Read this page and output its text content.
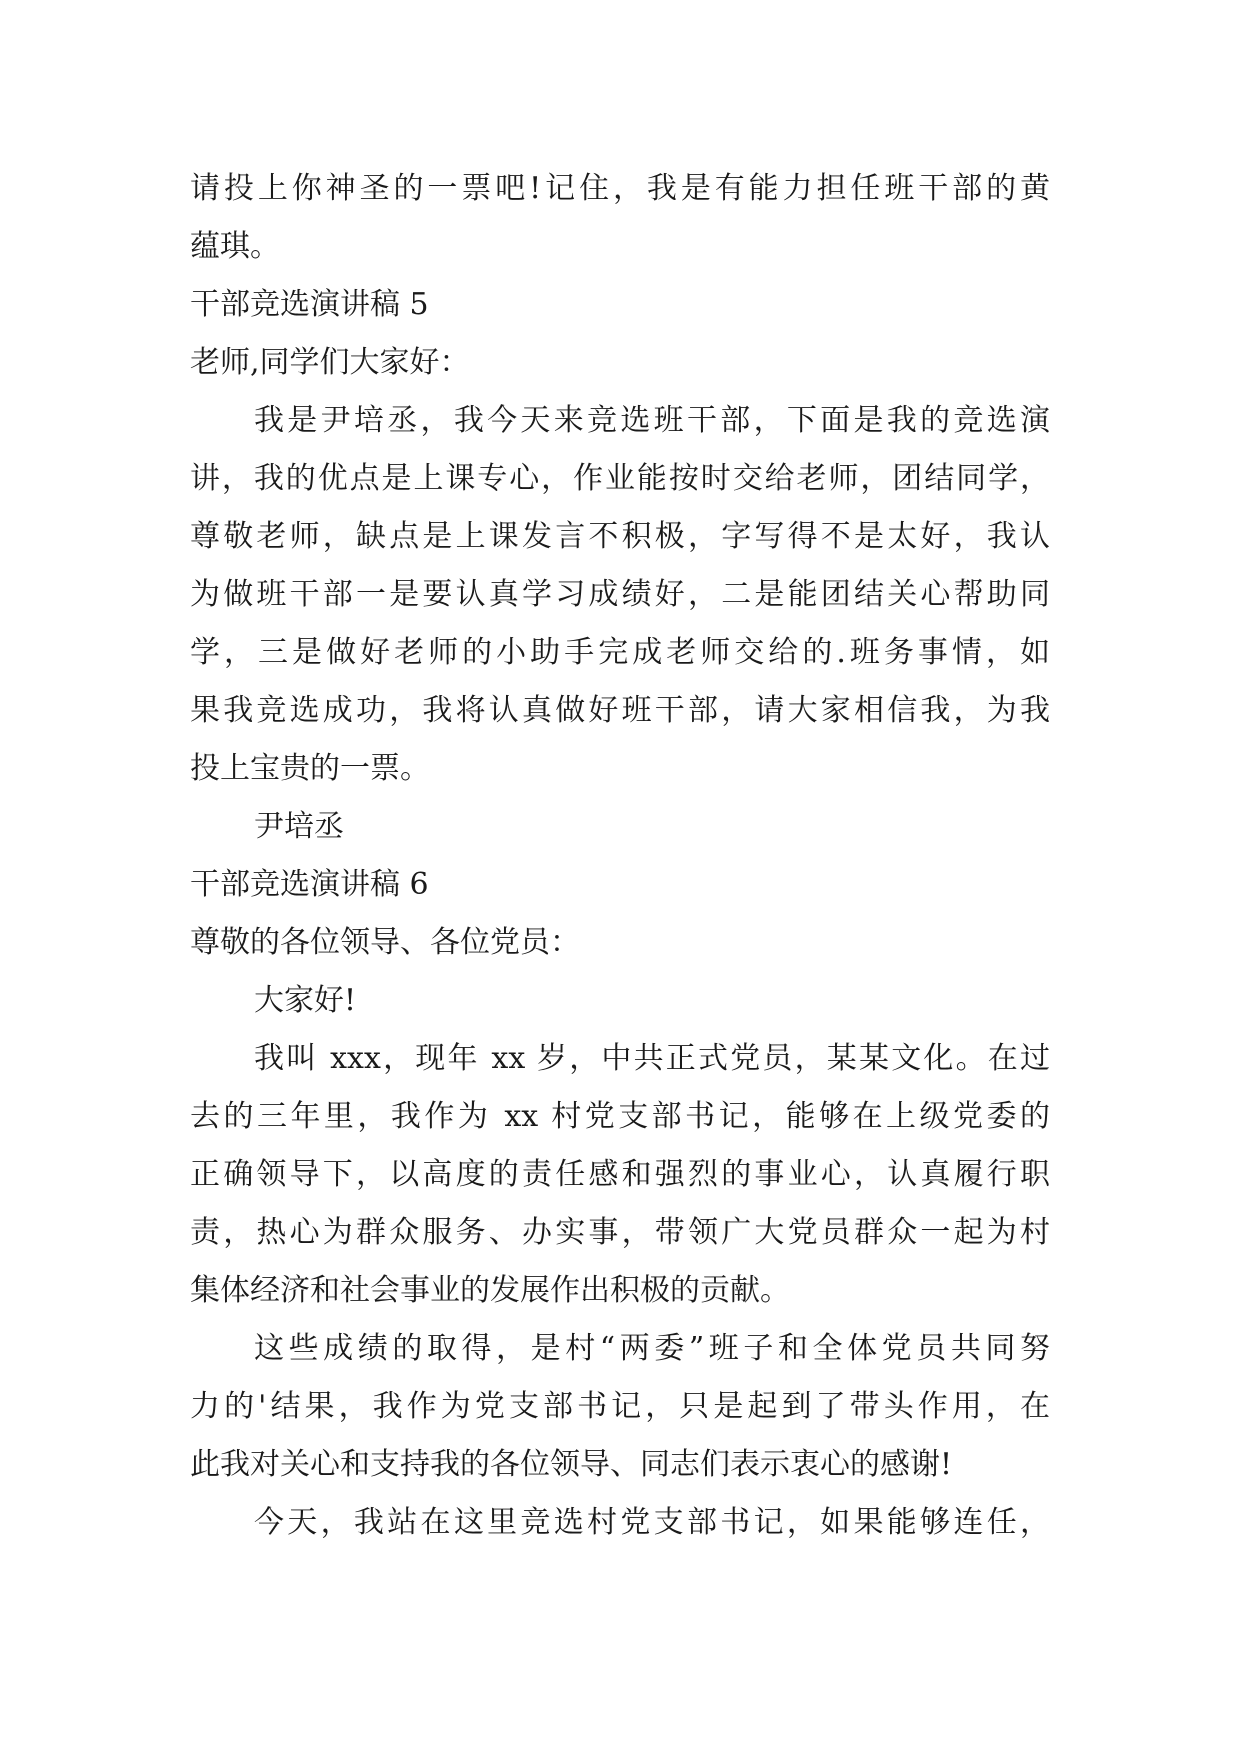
请投上你神圣的一票吧!记住，我是有能力担任班干部的黄
蕴琪。
干部竞选演讲稿 5
老师,同学们大家好：
我是尹培丞，我今天来竞选班干部，下面是我的竞选演
讲，我的优点是上课专心，作业能按时交给老师，团结同学，
尊敬老师，缺点是上课发言不积极，字写得不是太好，我认
为做班干部一是要认真学习成绩好，二是能团结关心帮助同
学，三是做好老师的小助手完成老师交给的.班务事情，如
果我竞选成功，我将认真做好班干部，请大家相信我，为我
投上宝贵的一票。
尹培丞
干部竞选演讲稿 6
尊敬的各位领导、各位党员：
大家好!
我叫 xxx，现年 xx 岁，中共正式党员，某某文化。在过
去的三年里，我作为 xx 村党支部书记，能够在上级党委的
正确领导下，以高度的责任感和强烈的事业心，认真履行职
责，热心为群众服务、办实事，带领广大党员群众一起为村
集体经济和社会事业的发展作出积极的贡献。
这些成绩的取得，是村“两委”班子和全体党员共同努
力的'结果，我作为党支部书记，只是起到了带头作用，在
此我对关心和支持我的各位领导、同志们表示衷心的感谢!
今天，我站在这里竞选村党支部书记，如果能够连任，
